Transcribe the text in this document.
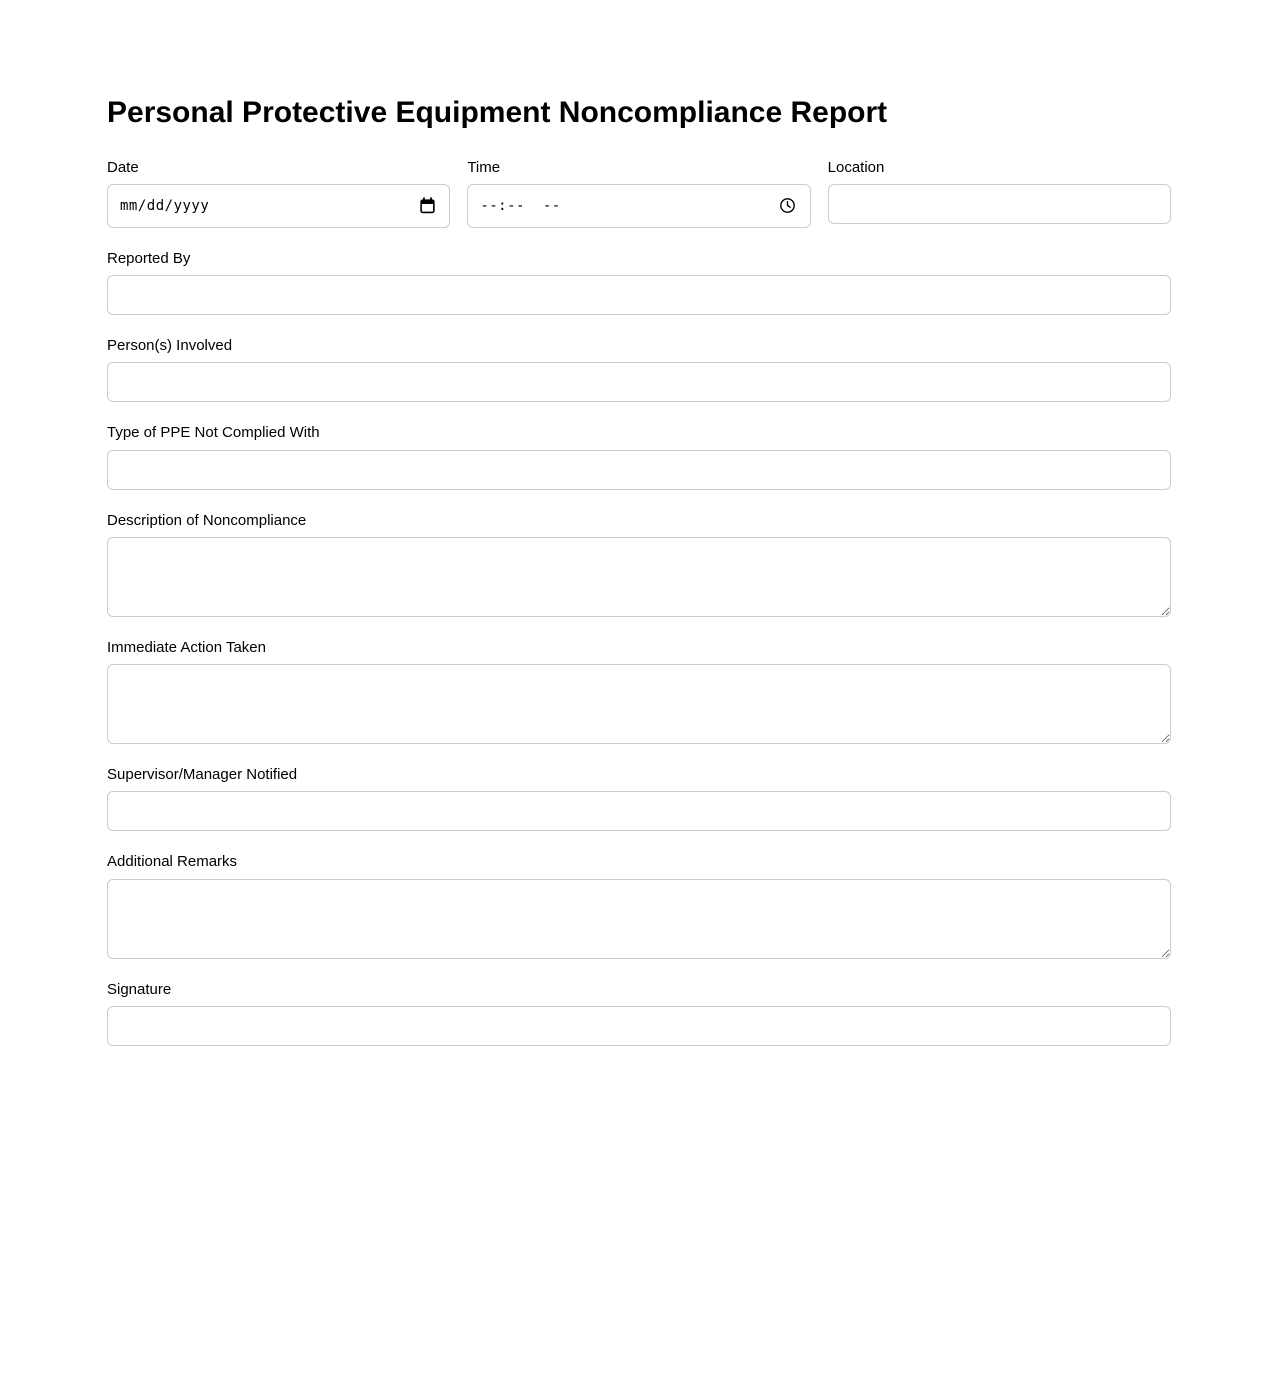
Personal Protective Equipment Noncompliance Report
Date
mm/dd/yyyy
Time
--:--  --
Location
Reported By
Person(s) Involved
Type of PPE Not Complied With
Description of Noncompliance
Immediate Action Taken
Supervisor/Manager Notified
Additional Remarks
Signature
